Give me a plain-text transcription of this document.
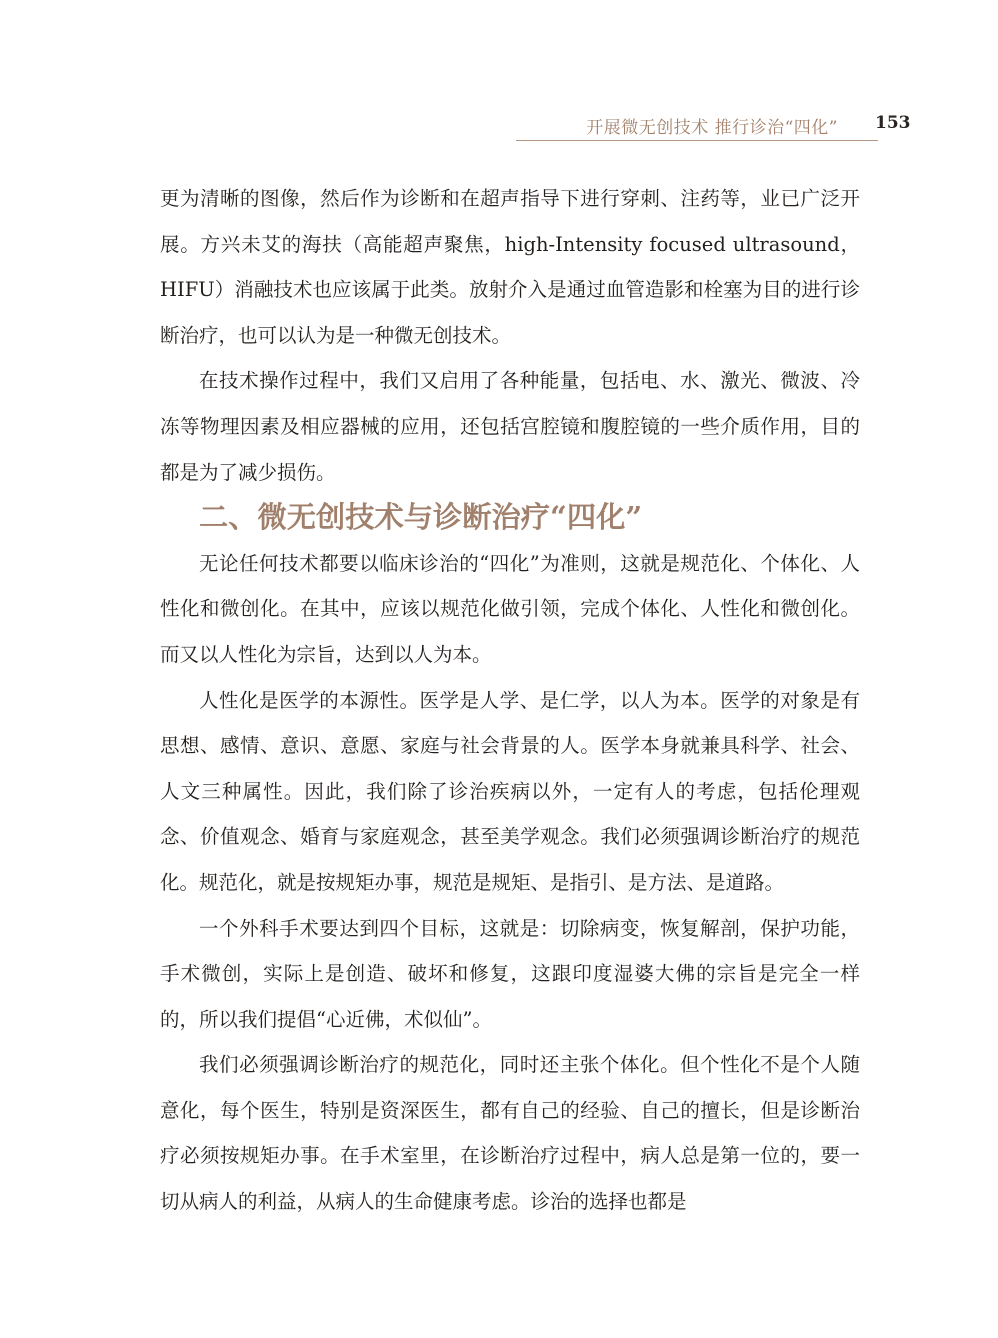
开展微无创技术 推行诊治“四化” 153

更为清晰的图像，然后作为诊断和在超声指导下进行穿刺、注药等，业已广泛开展。方兴未艾的海扶（高能超声聚焦，high-Intensity focused ultrasound，HIFU）消融技术也应该属于此类。放射介入是通过血管造影和栓塞为目的进行诊断治疗，也可以认为是一种微无创技术。

在技术操作过程中，我们又启用了各种能量，包括电、水、激光、微波、冷冻等物理因素及相应器械的应用，还包括宫腔镜和腹腔镜的一些介质作用，目的都是为了减少损伤。

二、微无创技术与诊断治疗“四化”

无论任何技术都要以临床诊治的“四化”为准则，这就是规范化、个体化、人性化和微创化。在其中，应该以规范化做引领，完成个体化、人性化和微创化。而又以人性化为宗旨，达到以人为本。

人性化是医学的本源性。医学是人学、是仁学，以人为本。医学的对象是有思想、感情、意识、意愿、家庭与社会背景的人。医学本身就兼具科学、社会、人文三种属性。因此，我们除了诊治疾病以外，一定有人的考虑，包括伦理观念、价值观念、婚育与家庭观念，甚至美学观念。我们必须强调诊断治疗的规范化。规范化，就是按规矩办事，规范是规矩、是指引、是方法、是道路。

一个外科手术要达到四个目标，这就是：切除病变，恢复解剖，保护功能，手术微创，实际上是创造、破坏和修复，这跟印度湿婆大佛的宗旨是完全一样的，所以我们提倡“心近佛，术似仙”。

我们必须强调诊断治疗的规范化，同时还主张个体化。但个性化不是个人随意化，每个医生，特别是资深医生，都有自己的经验、自己的擅长，但是诊断治疗必须按规矩办事。在手术室里，在诊断治疗过程中，病人总是第一位的，要一切从病人的利益，从病人的生命健康考虑。诊治的选择也都是
